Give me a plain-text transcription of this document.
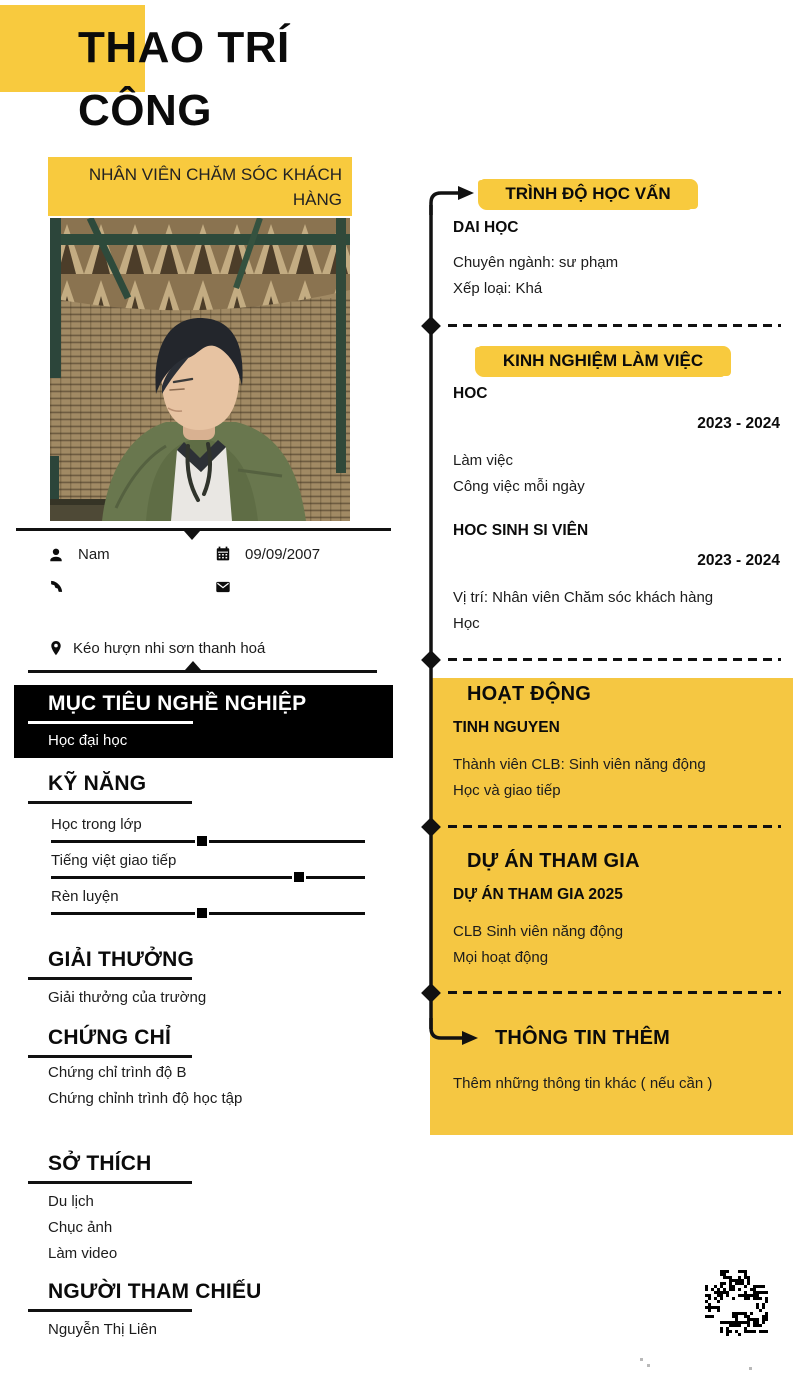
THAO TRÍ
CÔNG
NHÂN VIÊN CHĂM SÓC KHÁCH HÀNG
Nam	09/09/2007
Kéo hượn nhi sơn thanh hoá
MỤC TIÊU NGHỀ NGHIỆP
Học đại học
KỸ NĂNG
Học trong lớp
Tiếng việt giao tiếp
Rèn luyện
GIẢI THƯỞNG
Giải thưởng của trường
CHỨNG CHỈ
Chứng chỉ trình độ B
Chứng chỉnh trình độ học tập
SỞ THÍCH
Du lịch
Chục ảnh
Làm video
NGƯỜI THAM CHIẾU
Nguyễn Thị Liên
TRÌNH ĐỘ HỌC VẤN
DAI HỌC
Chuyên ngành: sư phạm
Xếp loại: Khá
KINH NGHIỆM LÀM VIỆC
HOC
2023 - 2024
Làm việc
Công việc mỗi ngày
HOC SINH SI VIÊN
2023 - 2024
Vị trí: Nhân viên Chăm sóc khách hàng
Học
HOẠT ĐỘNG
TINH NGUYEN
Thành viên CLB: Sinh viên năng động
Học và giao tiếp
DỰ ÁN THAM GIA
DỰ ÁN THAM GIA 2025
CLB Sinh viên năng động
Mọi hoạt động
THÔNG TIN THÊM
Thêm những thông tin khác ( nếu cần )
